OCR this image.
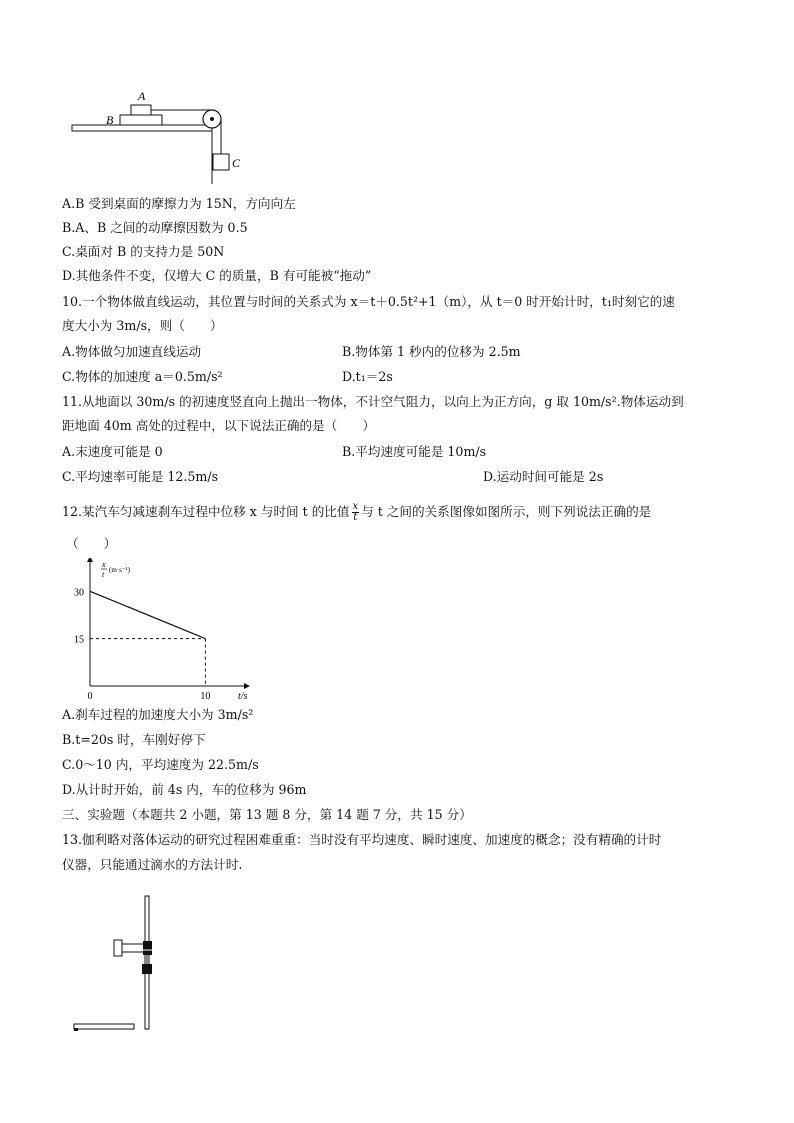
A
B
C
A.B 受到桌面的摩擦力为 15N，方向向左
B.A、B 之间的动摩擦因数为 0.5
C.桌面对 B 的支持力是 50N
D.其他条件不变，仅增大 C 的质量，B 有可能被“拖动”
10.一个物体做直线运动，其位置与时间的关系式为 x＝t＋0.5t²+1（m），从 t＝0 时开始计时，t₁时刻它的速
度大小为 3m/s，则（　　）
A.物体做匀加速直线运动	B.物体第 1 秒内的位移为 2.5m
C.物体的加速度 a＝0.5m/s²	D.t₁＝2s
11.从地面以 30m/s 的初速度竖直向上抛出一物体，不计空气阻力，以向上为正方向，g 取 10m/s².物体运动到
距地面 40m 高处的过程中，以下说法正确的是（　　）
A.末速度可能是 0	B.平均速度可能是 10m/s
C.平均速率可能是 12.5m/s	D.运动时间可能是 2s
12.某汽车匀减速刹车过程中位移 x 与时间 t 的比值 $\frac{x}{t}$ 与 t 之间的关系图像如图所示，则下列说法正确的是
（　　）
x
t (m·s⁻¹)
t/s
30
15
0	10
A.刹车过程的加速度大小为 3m/s²
B.t=20s 时，车刚好停下
C.0～10 内，平均速度为 22.5m/s
D.从计时开始，前 4s 内，车的位移为 96m
三、实验题（本题共 2 小题，第 13 题 8 分，第 14 题 7 分，共 15 分）
13.伽利略对落体运动的研究过程困难重重：当时没有平均速度、瞬时速度、加速度的概念；没有精确的计时
仪器，只能通过滴水的方法计时.
